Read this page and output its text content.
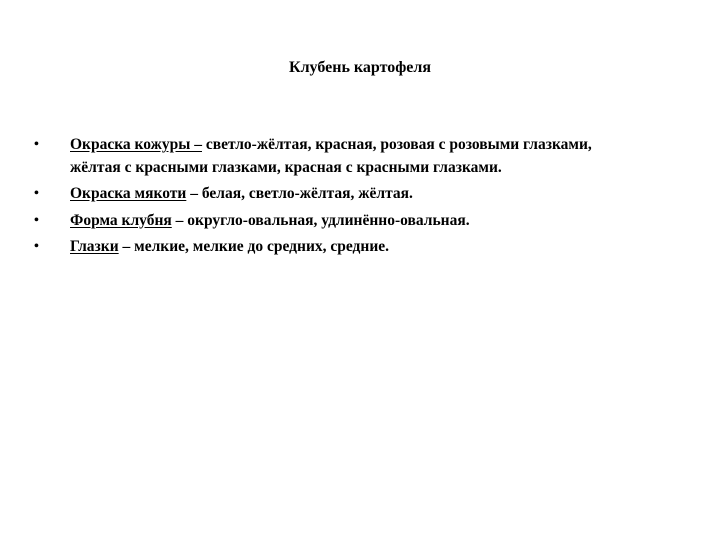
Клубень картофеля
• Окраска кожуры – светло-жёлтая, красная, розовая с розовыми глазками, жёлтая с красными глазками, красная с красными глазками.
• Окраска мякоти – белая, светло-жёлтая, жёлтая.
• Форма клубня – округло-овальная, удлинённо-овальная.
• Глазки – мелкие, мелкие до средних, средние.
